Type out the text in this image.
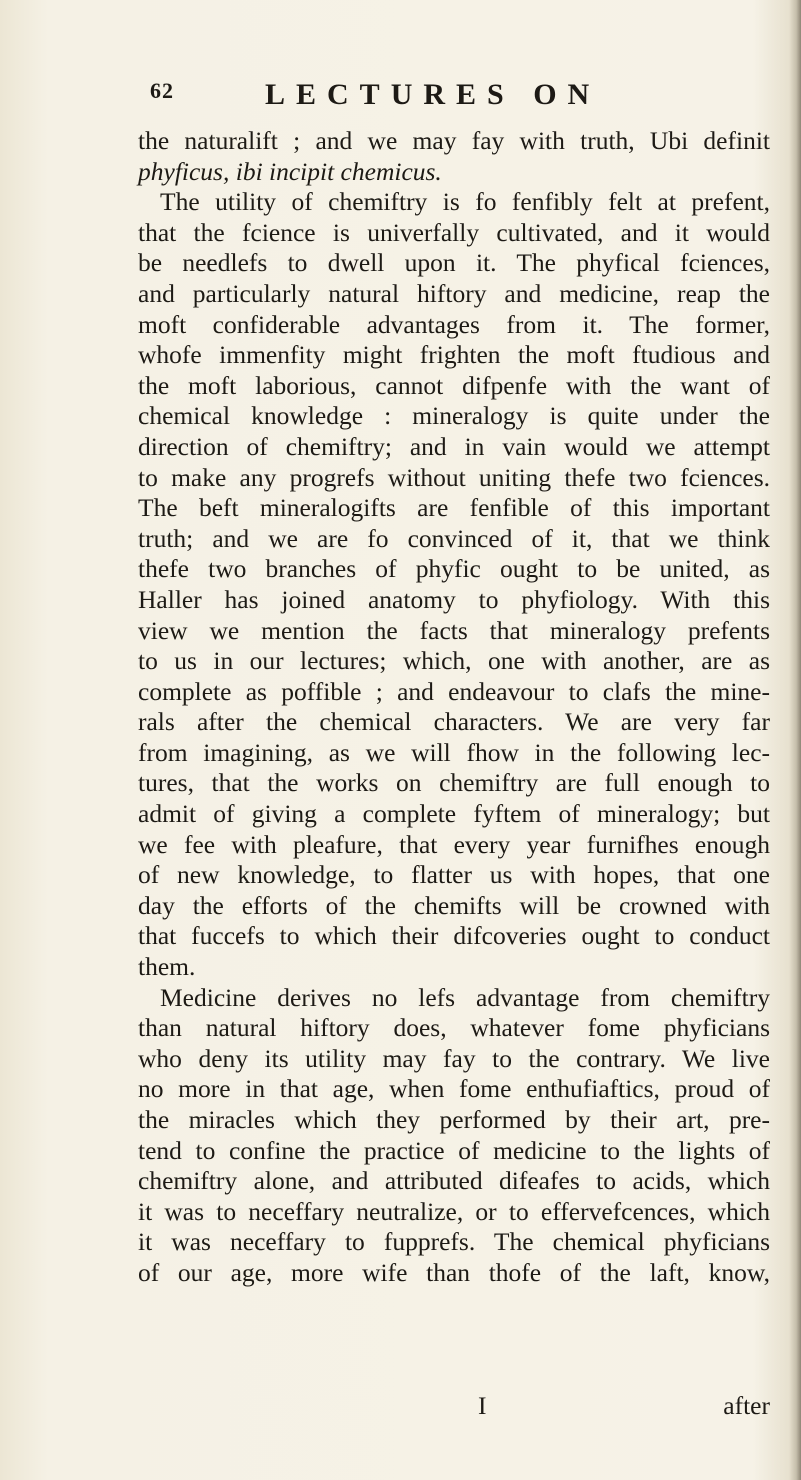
62	LECTURES ON
the naturalift ; and we may fay with truth, Ubi definit
phyficus, ibi incipit chemicus.
The utility of chemiftry is fo fenfibly felt at prefent,
that the fcience is univerfally cultivated, and it would
be needlefs to dwell upon it. The phyfical fciences,
and particularly natural hiftory and medicine, reap the
moft confiderable advantages from it. The former,
whofe immenfity might frighten the moft ftudious and
the moft laborious, cannot difpenfe with the want of
chemical knowledge : mineralogy is quite under the
direction of chemiftry; and in vain would we attempt
to make any progrefs without uniting thefe two fciences.
The beft mineralogifts are fenfible of this important
truth; and we are fo convinced of it, that we think
thefe two branches of phyfic ought to be united, as
Haller has joined anatomy to phyfiology. With this
view we mention the facts that mineralogy prefents
to us in our lectures; which, one with another, are as
complete as poffible ; and endeavour to clafs the mine-
rals after the chemical characters. We are very far
from imagining, as we will fhow in the following lec-
tures, that the works on chemiftry are full enough to
admit of giving a complete fyftem of mineralogy; but
we fee with pleafure, that every year furnifhes enough
of new knowledge, to flatter us with hopes, that one
day the efforts of the chemifts will be crowned with
that fuccefs to which their difcoveries ought to conduct
them.
Medicine derives no lefs advantage from chemiftry
than natural hiftory does, whatever fome phyficians
who deny its utility may fay to the contrary. We live
no more in that age, when fome enthufiaftics, proud of
the miracles which they performed by their art, pre-
tend to confine the practice of medicine to the lights of
chemiftry alone, and attributed difeafes to acids, which
it was to neceffary neutralize, or to effervefcences, which
it was neceffary to fupprefs. The chemical phyficians
of our age, more wife than thofe of the laft, know,
I	after
